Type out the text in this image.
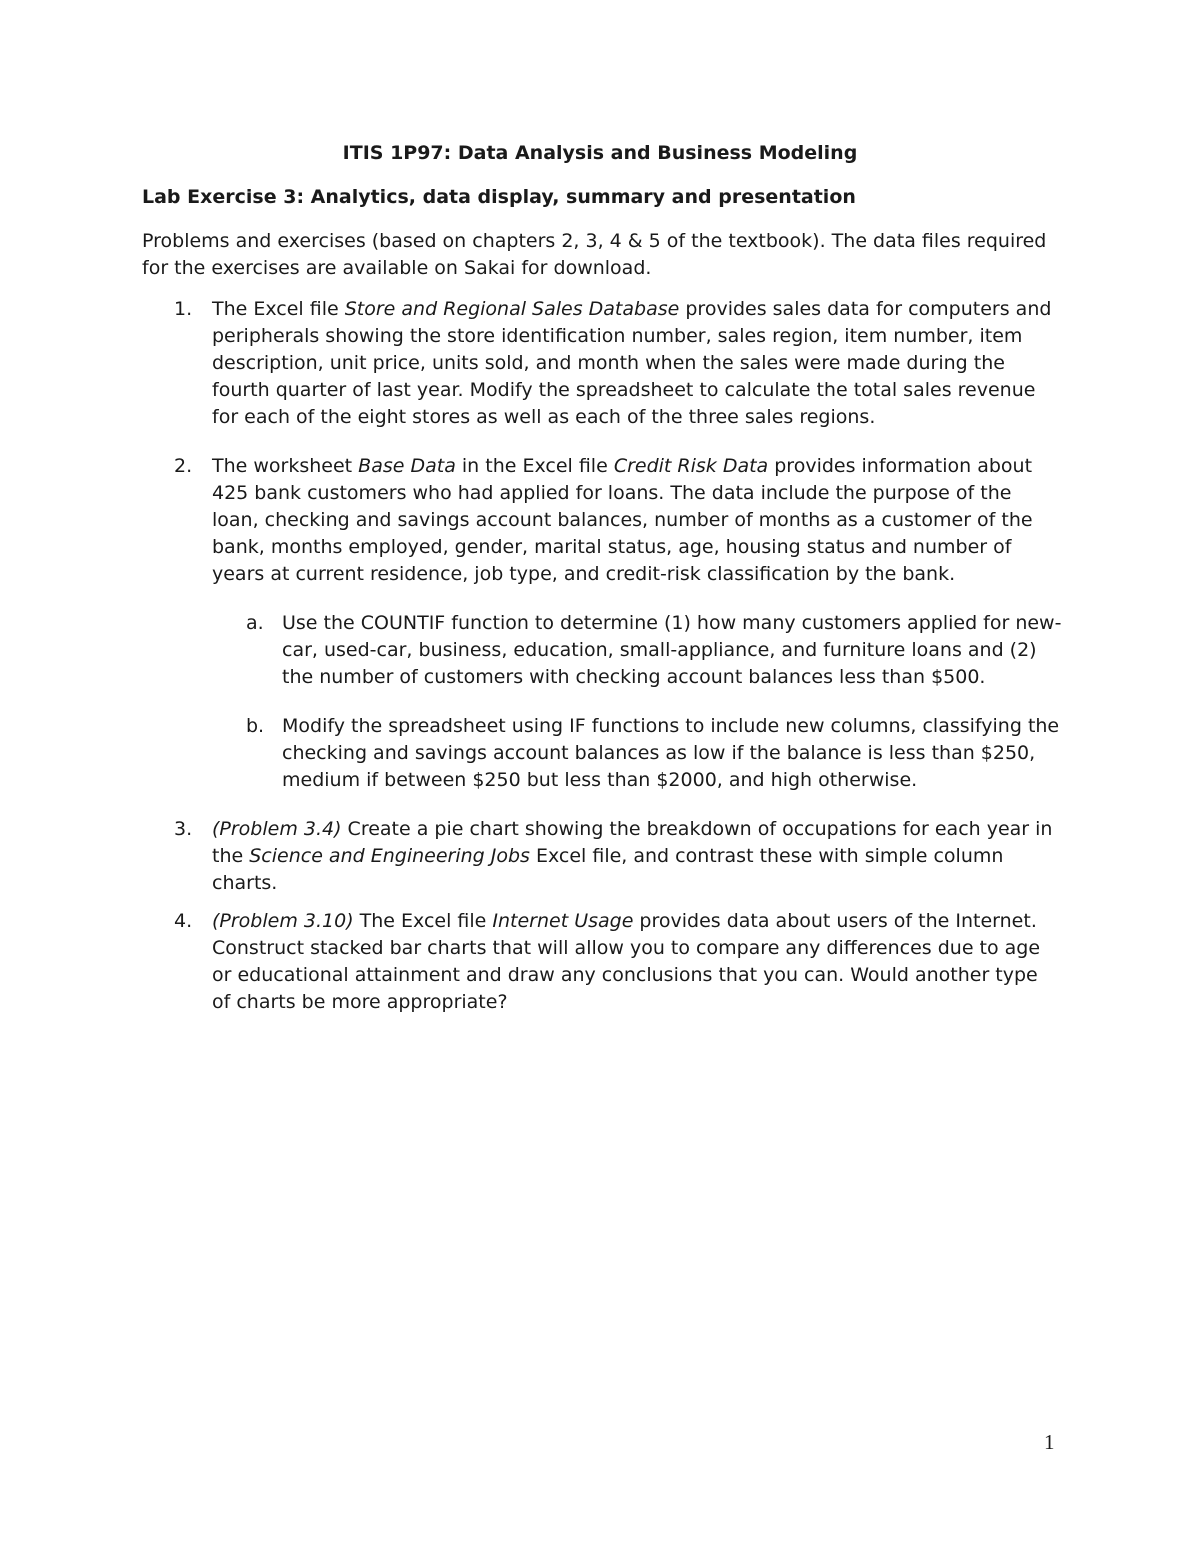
ITIS 1P97: Data Analysis and Business Modeling
Lab Exercise 3: Analytics, data display, summary and presentation
Problems and exercises (based on chapters 2, 3, 4 & 5 of the textbook). The data files required for the exercises are available on Sakai for download.
1. The Excel file Store and Regional Sales Database provides sales data for computers and peripherals showing the store identification number, sales region, item number, item description, unit price, units sold, and month when the sales were made during the fourth quarter of last year. Modify the spreadsheet to calculate the total sales revenue for each of the eight stores as well as each of the three sales regions.
2. The worksheet Base Data in the Excel file Credit Risk Data provides information about 425 bank customers who had applied for loans. The data include the purpose of the loan, checking and savings account balances, number of months as a customer of the bank, months employed, gender, marital status, age, housing status and number of years at current residence, job type, and credit-risk classification by the bank.
a. Use the COUNTIF function to determine (1) how many customers applied for new-car, used-car, business, education, small-appliance, and furniture loans and (2) the number of customers with checking account balances less than $500.
b. Modify the spreadsheet using IF functions to include new columns, classifying the checking and savings account balances as low if the balance is less than $250, medium if between $250 but less than $2000, and high otherwise.
3. (Problem 3.4) Create a pie chart showing the breakdown of occupations for each year in the Science and Engineering Jobs Excel file, and contrast these with simple column charts.
4. (Problem 3.10) The Excel file Internet Usage provides data about users of the Internet. Construct stacked bar charts that will allow you to compare any differences due to age or educational attainment and draw any conclusions that you can. Would another type of charts be more appropriate?
1
